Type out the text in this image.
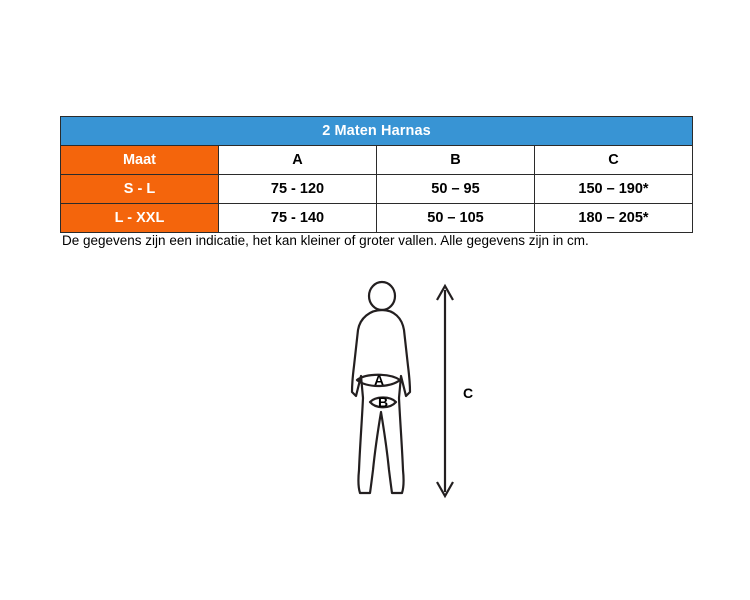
2 Maten Harnas			
Maat	A	B	C
S - L	75 - 120	50 – 95	150 – 190*
L - XXL	75 - 140	50 – 105	180 – 205*
De gegevens zijn een indicatie, het kan kleiner of groter vallen. Alle gegevens zijn in cm.
A
B
C
